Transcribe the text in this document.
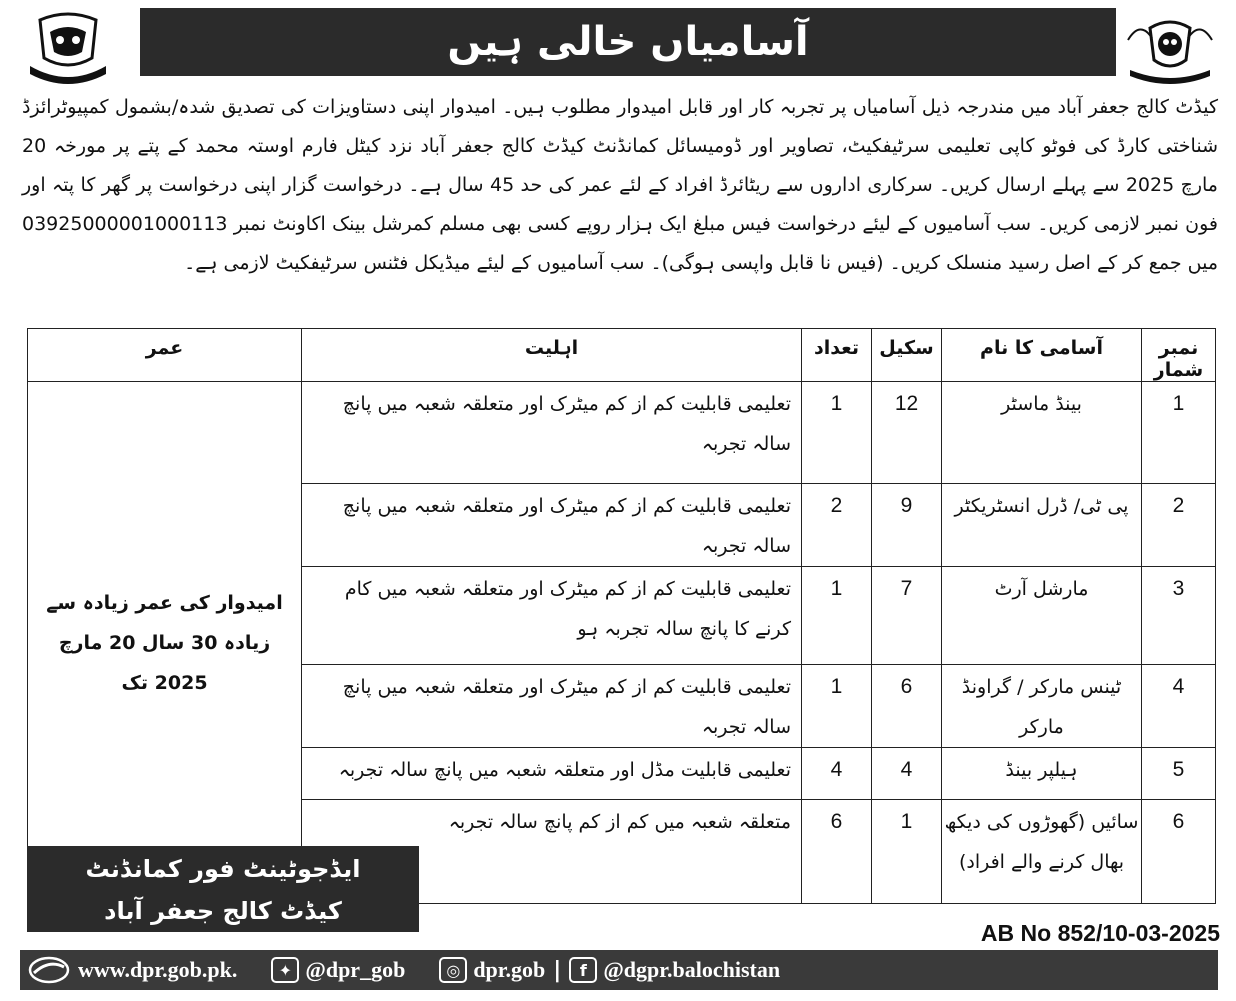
آسامیاں خالی ہیں
کیڈٹ کالج جعفر آباد میں مندرجہ ذیل آسامیاں پر تجربہ کار اور قابل امیدوار مطلوب ہیں۔ امیدوار اپنی دستاویزات کی تصدیق شدہ/بشمول کمپیوٹرائزڈ شناختی کارڈ کی فوٹو کاپی تعلیمی سرٹیفکیٹ، تصاویر اور ڈومیسائل کمانڈنٹ کیڈٹ کالج جعفر آباد نزد کیٹل فارم اوستہ محمد کے پتے پر مورخہ 20 مارچ 2025 سے پہلے ارسال کریں۔ سرکاری اداروں سے ریٹائرڈ افراد کے لئے عمر کی حد 45 سال ہے۔ درخواست گزار اپنی درخواست پر گھر کا پتہ اور فون نمبر لازمی کریں۔ سب آسامیوں کے لیئے درخواست فیس مبلغ ایک ہزار روپے کسی بھی مسلم کمرشل بینک اکاونٹ نمبر 03925000001000113 میں جمع کر کے اصل رسید منسلک کریں۔ (فیس نا قابل واپسی ہوگی)۔ سب آسامیوں کے لیئے میڈیکل فٹنس سرٹیفکیٹ لازمی ہے۔
نمبر شمار	آسامی کا نام	سکیل	تعداد	اہلیت	عمر
1	بینڈ ماسٹر	12	1	تعلیمی قابلیت کم از کم میٹرک اور متعلقہ شعبہ میں پانچ سالہ تجربہ	امیدوار کی عمر زیادہ سے زیادہ 30 سال 20 مارچ 2025 تک
2	پی ٹی/ ڈرل انسٹریکٹر	9	2	تعلیمی قابلیت کم از کم میٹرک اور متعلقہ شعبہ میں پانچ سالہ تجربہ	
3	مارشل آرٹ	7	1	تعلیمی قابلیت کم از کم میٹرک اور متعلقہ شعبہ میں کام کرنے کا پانچ سالہ تجربہ ہو	
4	ٹینس مارکر / گراونڈ مارکر	6	1	تعلیمی قابلیت کم از کم میٹرک اور متعلقہ شعبہ میں پانچ سالہ تجربہ	
5	ہیلپر بینڈ	4	4	تعلیمی قابلیت مڈل اور متعلقہ شعبہ میں پانچ سالہ تجربہ	
6	سائیں (گھوڑوں کی دیکھ بھال کرنے والے افراد)	1	6	متعلقہ شعبہ میں کم از کم پانچ سالہ تجربہ	
ایڈجوٹینٹ فور کمانڈنٹ
کیڈٹ کالج جعفر آباد
AB No 852/10-03-2025
www.dpr.gob.pk.	✦ @dpr_gob	◎ dpr.gob |	f @dgpr.balochistan
